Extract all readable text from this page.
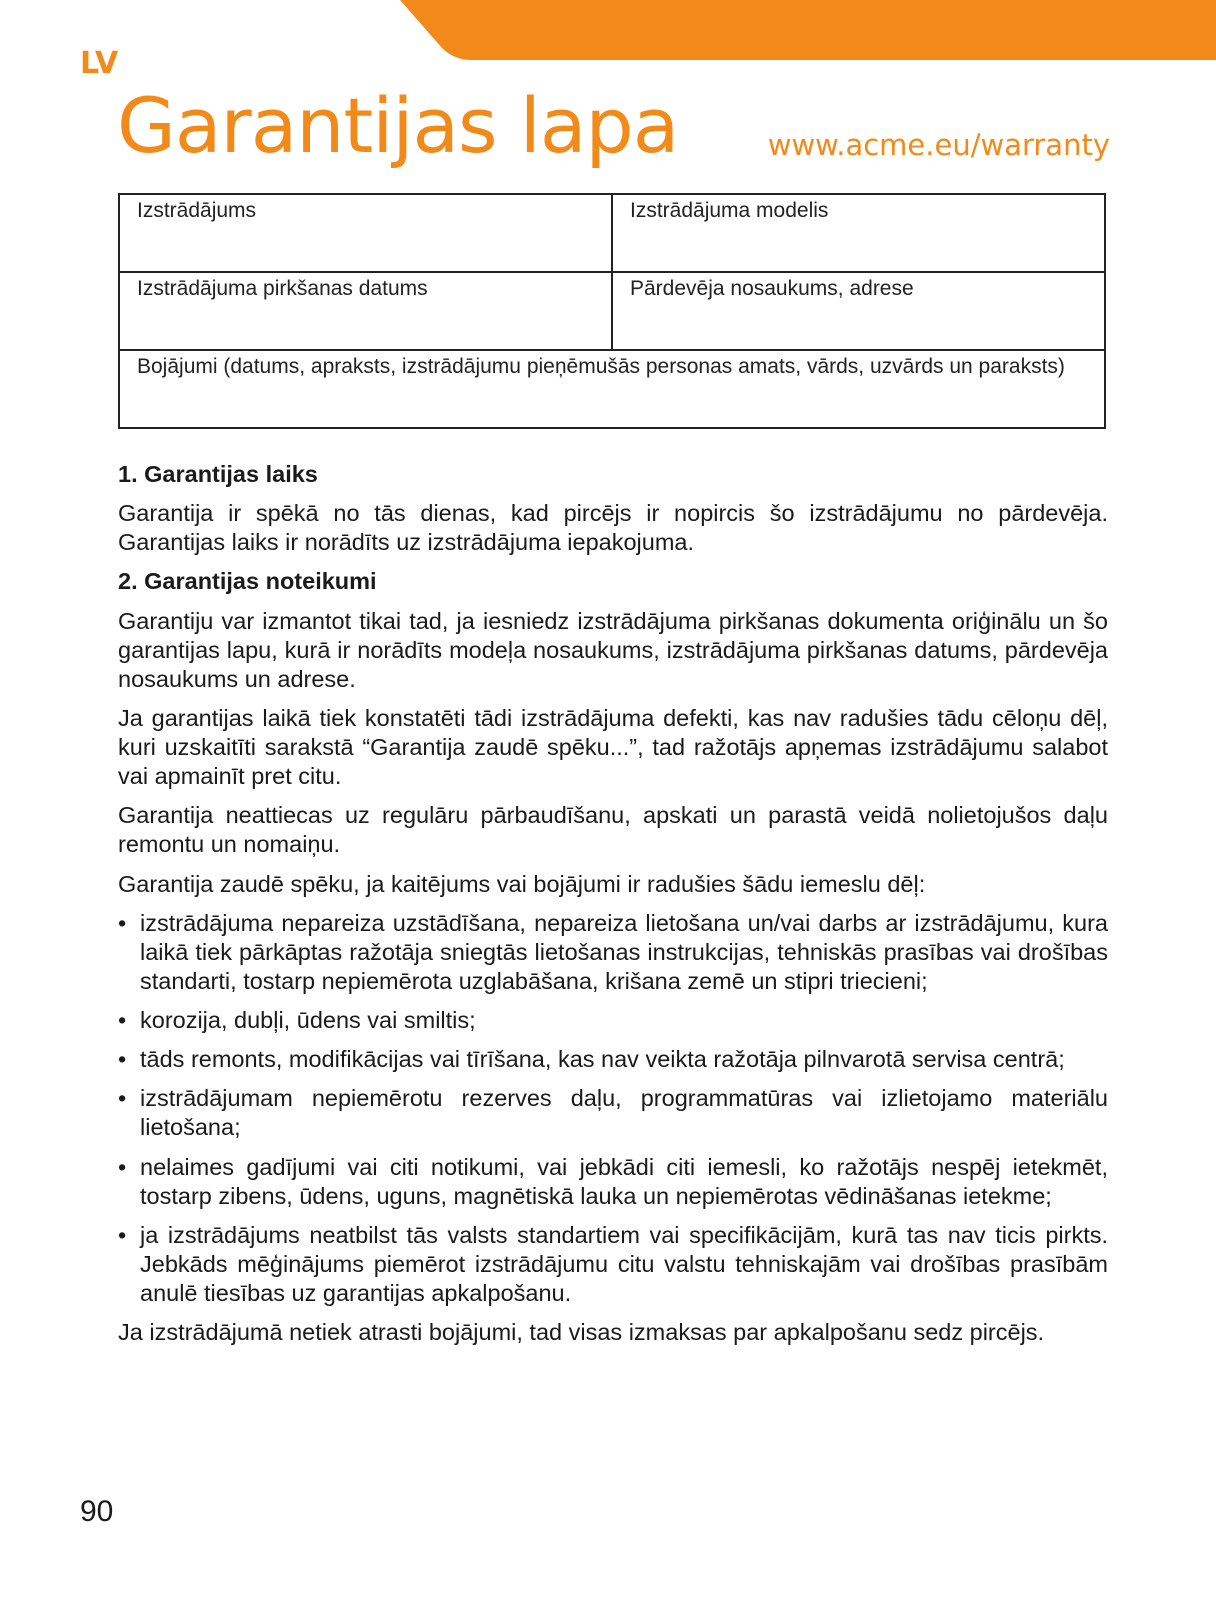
LV
Garantijas lapa	www.acme.eu/warranty
Izstrādājums	Izstrādājuma modelis
Izstrādājuma pirkšanas datums	Pārdevēja nosaukums, adrese
Bojājumi (datums, apraksts, izstrādājumu pieņēmušās personas amats, vārds, uzvārds un paraksts)	
1. Garantijas laiks

Garantija ir spēkā no tās dienas, kad pircējs ir nopircis šo izstrādājumu no pārdevēja. Garantijas laiks ir norādīts uz izstrādājuma iepakojuma.

2. Garantijas noteikumi

Garantiju var izmantot tikai tad, ja iesniedz izstrādājuma pirkšanas dokumenta oriģinālu un šo garantijas lapu, kurā ir norādīts modeļa nosaukums, izstrādājuma pirkšanas datums, pārdevēja nosaukums un adrese.

Ja garantijas laikā tiek konstatēti tādi izstrādājuma defekti, kas nav radušies tādu cēloņu dēļ, kuri uzskaitīti sarakstā “Garantija zaudē spēku...”, tad ražotājs apņemas izstrādājumu salabot vai apmainīt pret citu.

Garantija neattiecas uz regulāru pārbaudīšanu, apskati un parastā veidā nolietojušos daļu remontu un nomaiņu.

Garantija zaudē spēku, ja kaitējums vai bojājumi ir radušies šādu iemeslu dēļ:

• izstrādājuma nepareiza uzstādīšana, nepareiza lietošana un/vai darbs ar izstrādājumu, kura laikā tiek pārkāptas ražotāja sniegtās lietošanas instrukcijas, tehniskās prasības vai drošības standarti, tostarp nepiemērota uzglabāšana, krišana zemē un stipri triecieni;
• korozija, dubļi, ūdens vai smiltis;
• tāds remonts, modifikācijas vai tīrīšana, kas nav veikta ražotāja pilnvarotā servisa centrā;
• izstrādājumam nepiemērotu rezerves daļu, programmatūras vai izlietojamo materiālu lietošana;
• nelaimes gadījumi vai citi notikumi, vai jebkādi citi iemesli, ko ražotājs nespēj ietekmēt, tostarp zibens, ūdens, uguns, magnētiskā lauka un nepiemērotas vēdināšanas ietekme;
• ja izstrādājums neatbilst tās valsts standartiem vai specifikācijām, kurā tas nav ticis pirkts. Jebkāds mēģinājums piemērot izstrādājumu citu valstu tehniskajām vai drošības prasībām anulē tiesības uz garantijas apkalpošanu.

Ja izstrādājumā netiek atrasti bojājumi, tad visas izmaksas par apkalpošanu sedz pircējs.

90
